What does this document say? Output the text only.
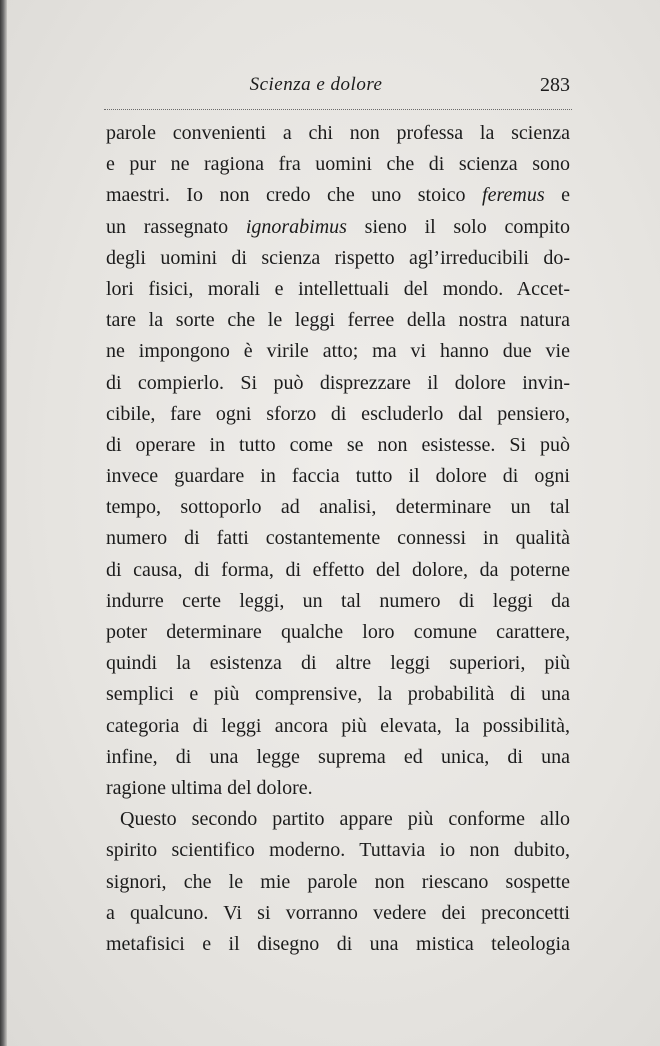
Scienza e dolore	283
parole convenienti a chi non professa la scienza
e pur ne ragiona fra uomini che di scienza sono
maestri. Io non credo che uno stoico feremus e
un rassegnato ignorabimus sieno il solo compito
degli uomini di scienza rispetto agl’irreducibili do-
lori fisici, morali e intellettuali del mondo. Accet-
tare la sorte che le leggi ferree della nostra natura
ne impongono è virile atto; ma vi hanno due vie
di compierlo. Si può disprezzare il dolore invin-
cibile, fare ogni sforzo di escluderlo dal pensiero,
di operare in tutto come se non esistesse. Si può
invece guardare in faccia tutto il dolore di ogni
tempo, sottoporlo ad analisi, determinare un tal
numero di fatti costantemente connessi in qualità
di causa, di forma, di effetto del dolore, da poterne
indurre certe leggi, un tal numero di leggi da
poter determinare qualche loro comune carattere,
quindi la esistenza di altre leggi superiori, più
semplici e più comprensive, la probabilità di una
categoria di leggi ancora più elevata, la possibilità,
infine, di una legge suprema ed unica, di una
ragione ultima del dolore.
Questo secondo partito appare più conforme allo
spirito scientifico moderno. Tuttavia io non dubito,
signori, che le mie parole non riescano sospette
a qualcuno. Vi si vorranno vedere dei preconcetti
metafisici e il disegno di una mistica teleologia
